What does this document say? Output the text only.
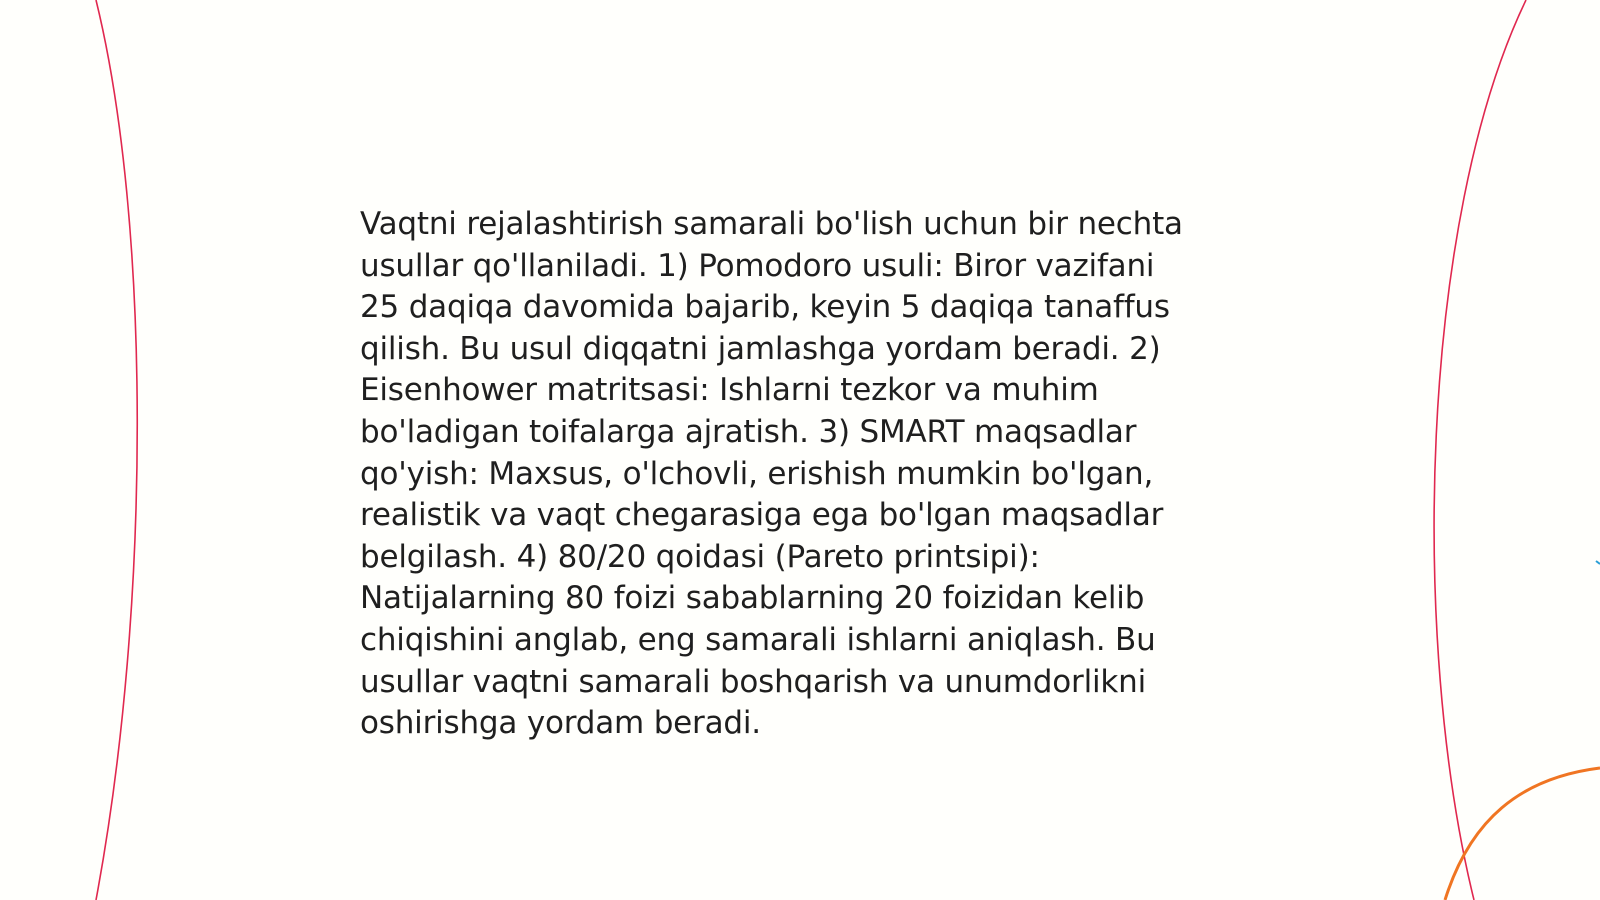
Vaqtni rejalashtirish samarali bo'lish uchun bir nechta
usullar qo'llaniladi. 1) Pomodoro usuli: Biror vazifani
25 daqiqa davomida bajarib, keyin 5 daqiqa tanaffus
qilish. Bu usul diqqatni jamlashga yordam beradi. 2)
Eisenhower matritsasi: Ishlarni tezkor va muhim
bo'ladigan toifalarga ajratish. 3) SMART maqsadlar
qo'yish: Maxsus, o'lchovli, erishish mumkin bo'lgan,
realistik va vaqt chegarasiga ega bo'lgan maqsadlar
belgilash. 4) 80/20 qoidasi (Pareto printsipi):
Natijalarning 80 foizi sabablarning 20 foizidan kelib
chiqishini anglab, eng samarali ishlarni aniqlash. Bu
usullar vaqtni samarali boshqarish va unumdorlikni
oshirishga yordam beradi.
